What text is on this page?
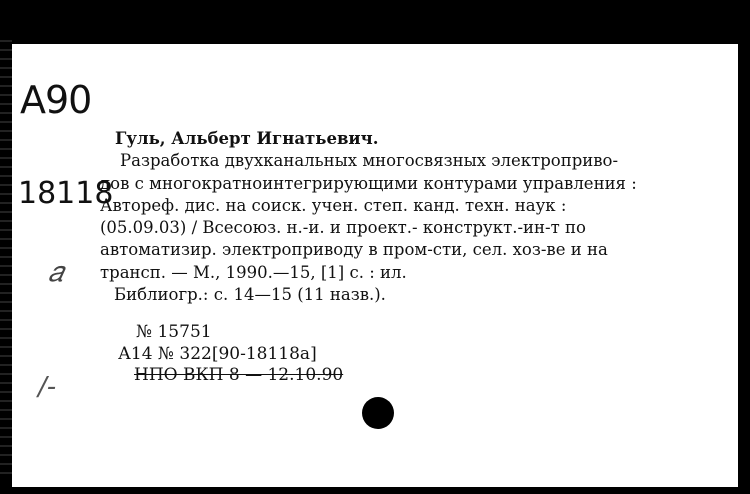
A90
18118
𝑎
/-
Гуль, Альберт Игнатьевич.
Разработка двухканальных многосвязных электроприво-
дов с многократноинтегрирующими контурами управления :
Автореф. дис. на соиск. учен. степ. канд. техн. наук :
(05.09.03) / Всесоюз. н.-и. и проект.- конструкт.-ин-т по
автоматизир. электроприводу в пром-сти, сел. хоз-ве и на
трансп. — М., 1990.—15, [1] с. : ил.
Библиогр.: с. 14—15 (11 назв.).
№ 15751
А14 № 322[90-18118а]
НПО ВКП 8 — 12.10.90
